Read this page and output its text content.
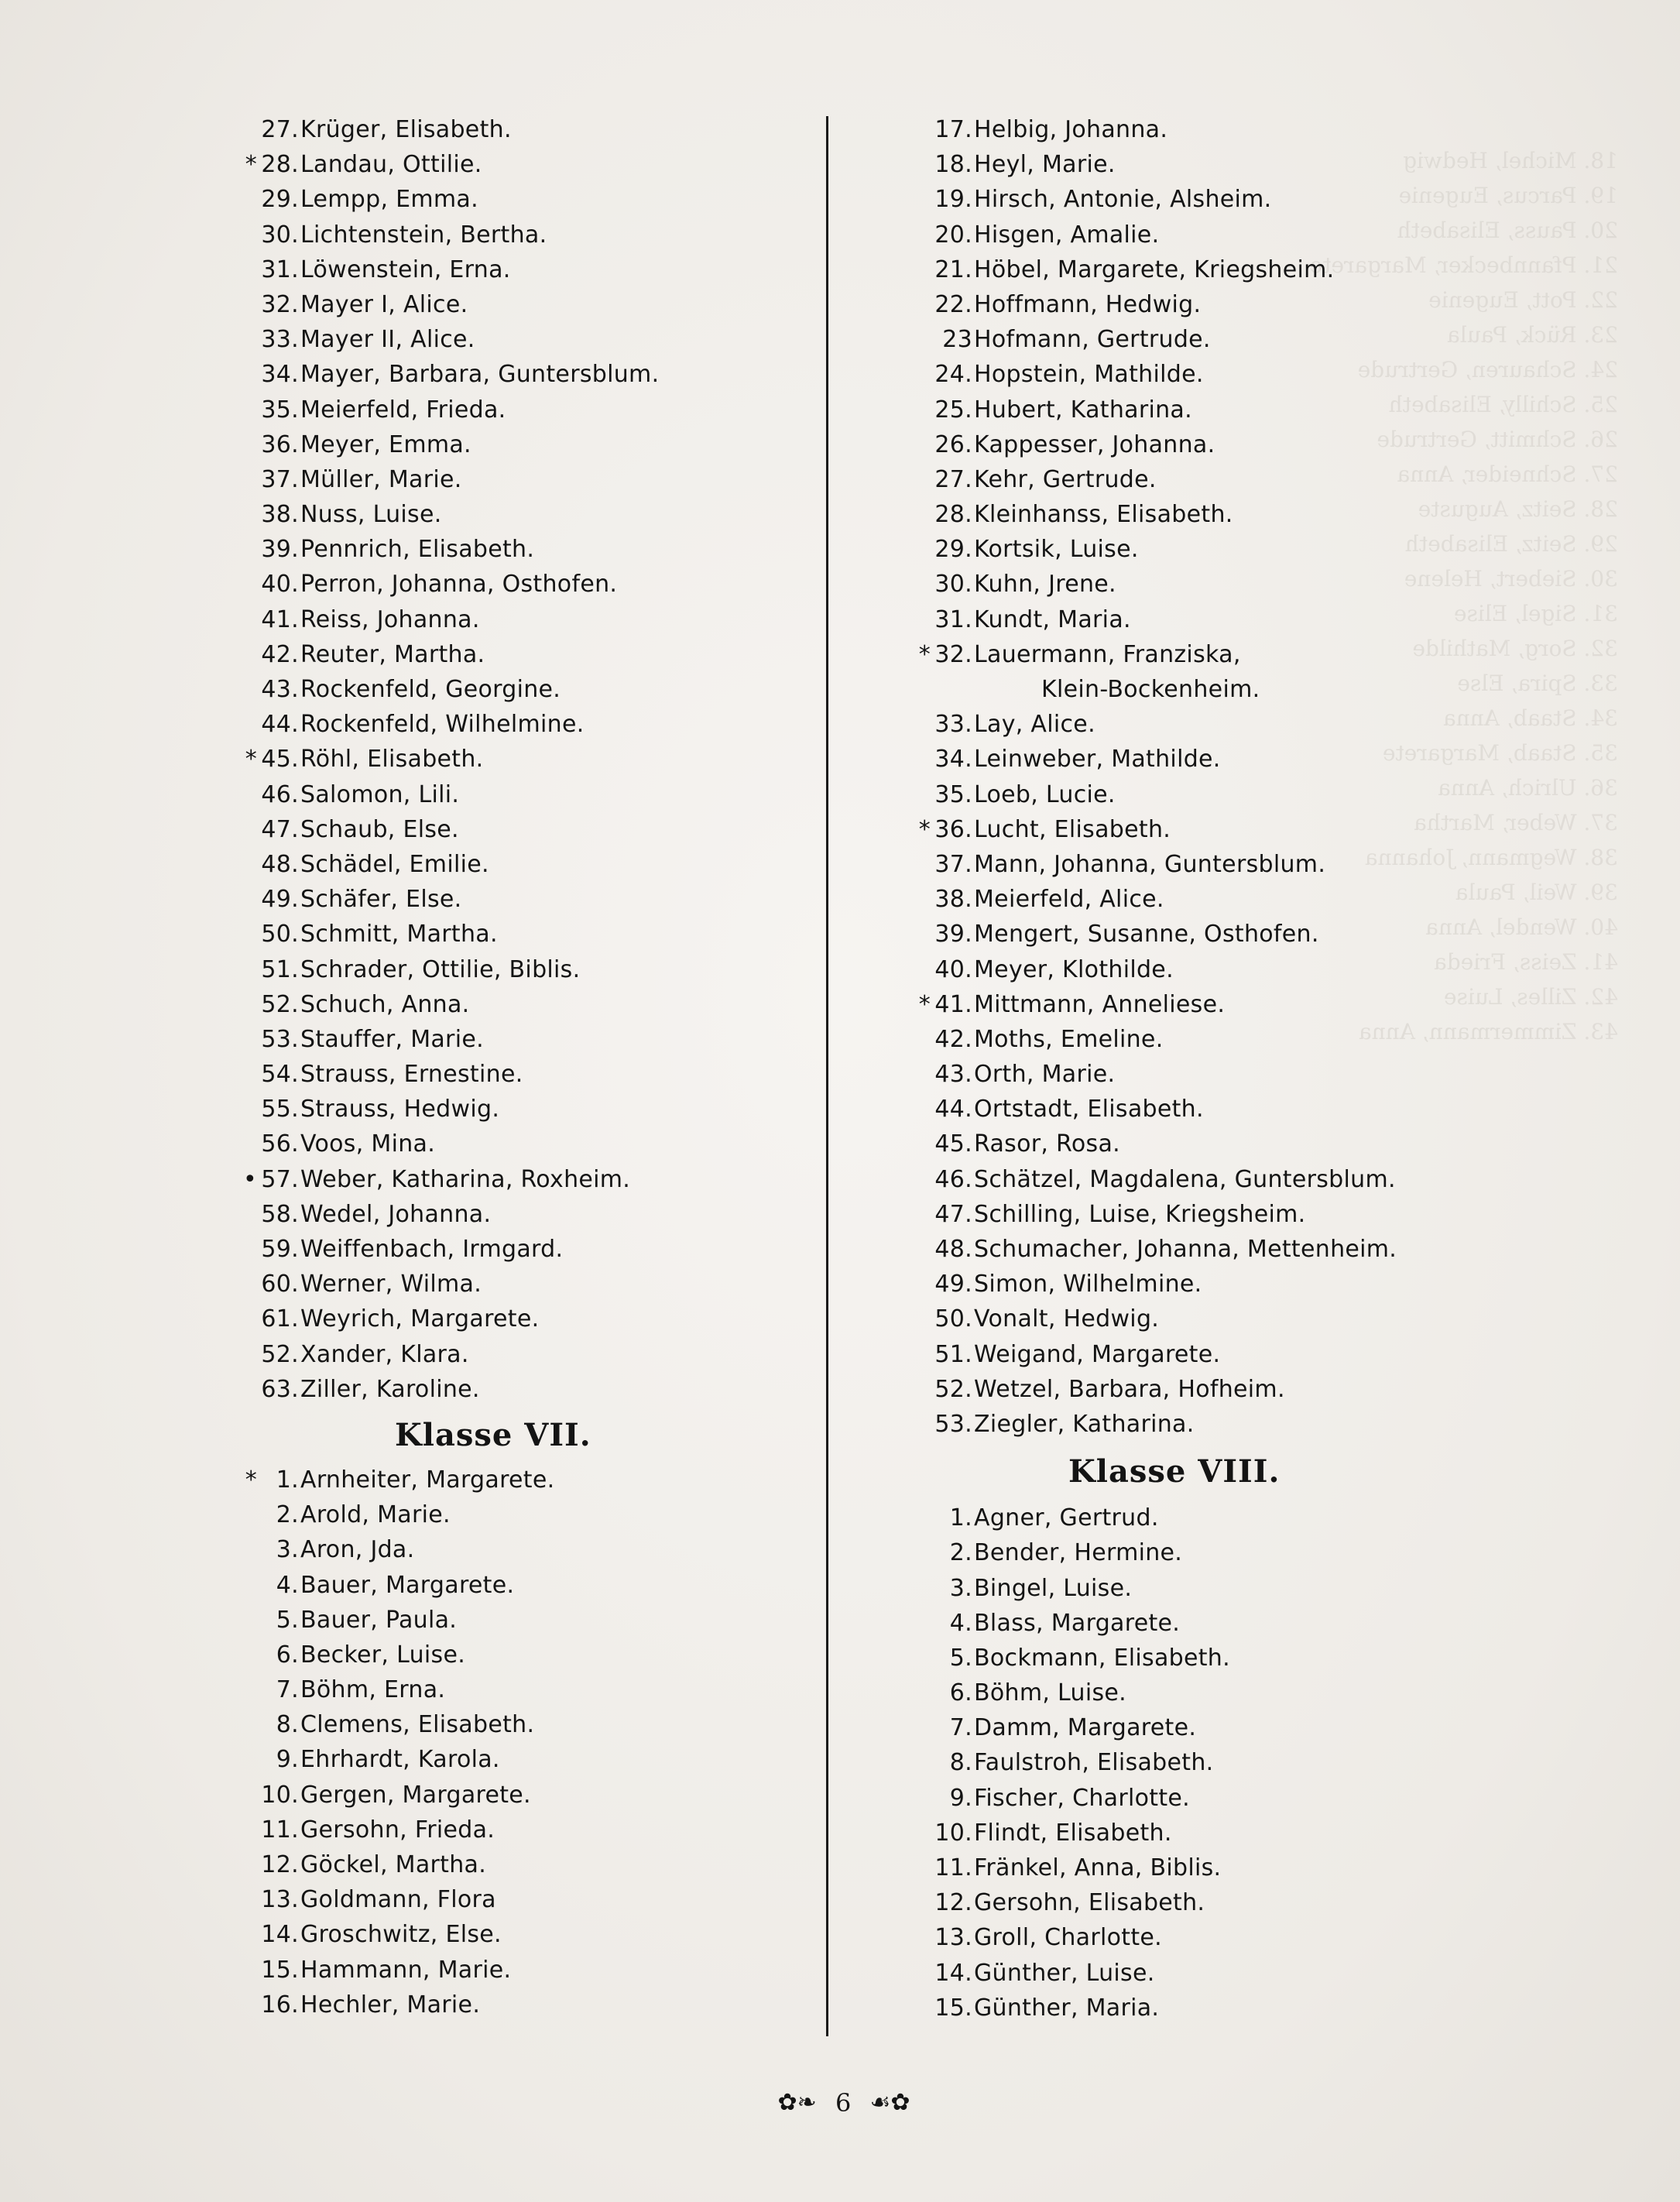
18. Michel, Hedwig
19. Parcus, Eugenie
20. Pauss, Elisabeth
21. Pfannbecker, Margarete
22. Pott, Eugenie
23. Rück, Paula
24. Schauren, Gertrude
25. Schilly, Elisabeth
26. Schmitt, Gertrude
27. Schneider, Anna
28. Seitz, Auguste
29. Seitz, Elisabeth
30. Siebert, Helene
31. Sigel, Elise
32. Sorg, Mathilde
33. Spira, Else
34. Staab, Anna
35. Staab, Margarete
36. Ulrich, Anna
37. Weber, Martha
38. Wegmann, Johanna
39. Weil, Paula
40. Wendel, Anna
41. Zeiss, Frieda
42. Zilles, Luise
43. Zimmermann, Anna

27. Krüger, Elisabeth.
* 28. Landau, Ottilie.
29. Lempp, Emma.
30. Lichtenstein, Bertha.
31. Löwenstein, Erna.
32. Mayer I, Alice.
33. Mayer II, Alice.
34. Mayer, Barbara, Guntersblum.
35. Meierfeld, Frieda.
36. Meyer, Emma.
37. Müller, Marie.
38. Nuss, Luise.
39. Pennrich, Elisabeth.
40. Perron, Johanna, Osthofen.
41. Reiss, Johanna.
42. Reuter, Martha.
43. Rockenfeld, Georgine.
44. Rockenfeld, Wilhelmine.
* 45. Röhl, Elisabeth.
46. Salomon, Lili.
47. Schaub, Else.
48. Schädel, Emilie.
49. Schäfer, Else.
50. Schmitt, Martha.
51. Schrader, Ottilie, Biblis.
52. Schuch, Anna.
53. Stauffer, Marie.
54. Strauss, Ernestine.
55. Strauss, Hedwig.
56. Voos, Mina.
• 57. Weber, Katharina, Roxheim.
58. Wedel, Johanna.
59. Weiffenbach, Irmgard.
60. Werner, Wilma.
61. Weyrich, Margarete.
52. Xander, Klara.
63. Ziller, Karoline.
Klasse VII.
* 1. Arnheiter, Margarete.
2. Arold, Marie.
3. Aron, Jda.
4. Bauer, Margarete.
5. Bauer, Paula.
6. Becker, Luise.
7. Böhm, Erna.
8. Clemens, Elisabeth.
9. Ehrhardt, Karola.
10. Gergen, Margarete.
11. Gersohn, Frieda.
12. Göckel, Martha.
13. Goldmann, Flora
14. Groschwitz, Else.
15. Hammann, Marie.
16. Hechler, Marie.
17. Helbig, Johanna.
18. Heyl, Marie.
19. Hirsch, Antonie, Alsheim.
20. Hisgen, Amalie.
21. Höbel, Margarete, Kriegsheim.
22. Hoffmann, Hedwig.
23 Hofmann, Gertrude.
24. Hopstein, Mathilde.
25. Hubert, Katharina.
26. Kappesser, Johanna.
27. Kehr, Gertrude.
28. Kleinhanss, Elisabeth.
29. Kortsik, Luise.
30. Kuhn, Jrene.
31. Kundt, Maria.
* 32. Lauermann, Franziska,
Klein-Bockenheim.
33. Lay, Alice.
34. Leinweber, Mathilde.
35. Loeb, Lucie.
* 36. Lucht, Elisabeth.
37. Mann, Johanna, Guntersblum.
38. Meierfeld, Alice.
39. Mengert, Susanne, Osthofen.
40. Meyer, Klothilde.
* 41. Mittmann, Anneliese.
42. Moths, Emeline.
43. Orth, Marie.
44. Ortstadt, Elisabeth.
45. Rasor, Rosa.
46. Schätzel, Magdalena, Guntersblum.
47. Schilling, Luise, Kriegsheim.
48. Schumacher, Johanna, Mettenheim.
49. Simon, Wilhelmine.
50. Vonalt, Hedwig.
51. Weigand, Margarete.
52. Wetzel, Barbara, Hofheim.
53. Ziegler, Katharina.
Klasse VIII.
1. Agner, Gertrud.
2. Bender, Hermine.
3. Bingel, Luise.
4. Blass, Margarete.
5. Bockmann, Elisabeth.
6. Böhm, Luise.
7. Damm, Margarete.
8. Faulstroh, Elisabeth.
9. Fischer, Charlotte.
10. Flindt, Elisabeth.
11. Fränkel, Anna, Biblis.
12. Gersohn, Elisabeth.
13. Groll, Charlotte.
14. Günther, Luise.
15. Günther, Maria.
✿❧ 6 ☙✿
